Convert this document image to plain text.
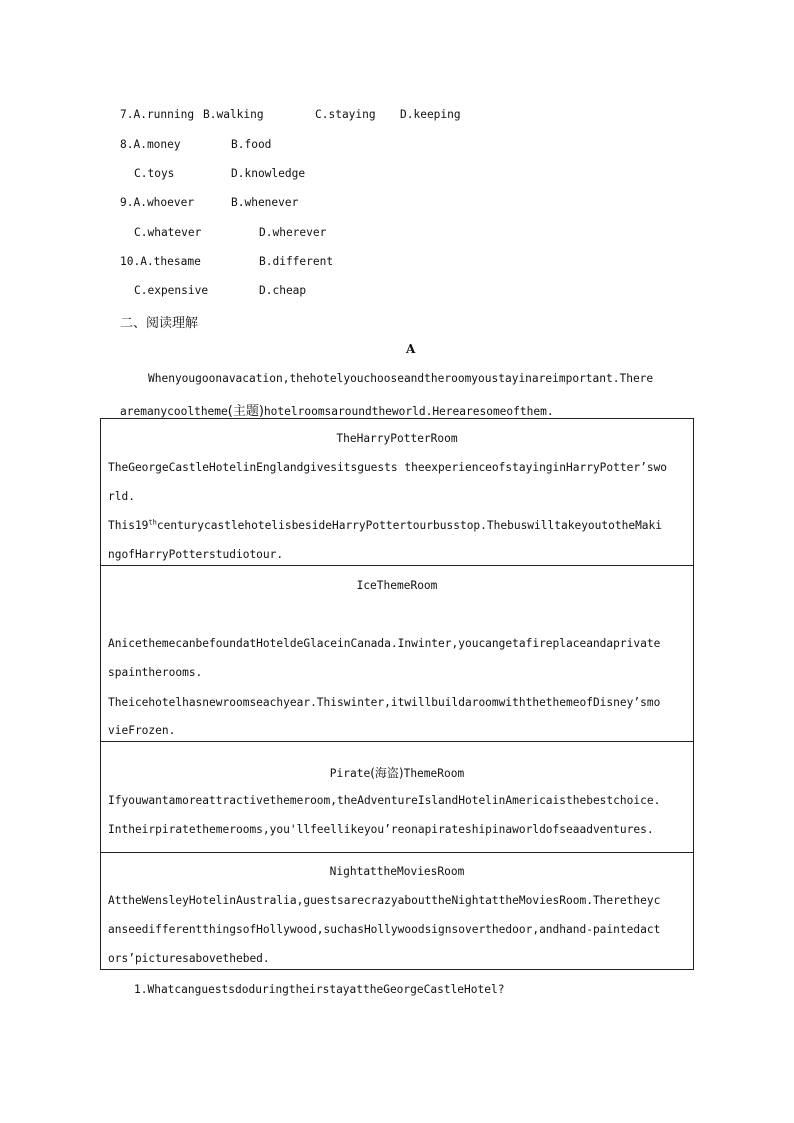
7.A.running B.walking	C.staying D.keeping
8.A.money	B.food
C.toys	D.knowledge
9.A.whoever	B.whenever
C.whatever	D.wherever
10.A.thesame	B.different
C.expensive	D.cheap
二、阅读理解
A
Whenyougoonavacation,thehotelyouchooseandtheroomyoustayinareimportant.There
aremanycooltheme(主题)hotelroomsaroundtheworld.Herearesomeofthem.
TheHarryPotterRoom
TheGeorgeCastleHotelinEnglandgivesitsguests theexperienceofstayinginHarryPotter’swo
rld.
This19thcenturycastlehotelisbesideHarryPottertourbusstop.ThebuswilltakeyoutotheMaki
ngofHarryPotterstudiotour.
IceThemeRoom
AnicethemecanbefoundatHoteldeGlaceinCanada.Inwinter,youcangetafireplaceandaprivate
spaintherooms.
Theicehotelhasnewroomseachyear.Thiswinter,itwillbuildaroomwiththethemeofDisney’smo
vieFrozen.
Pirate(海盗)ThemeRoom
Ifyouwantamoreattractivethemeroom,theAdventureIslandHotelinAmericaisthebestchoice.
Intheirpiratethemerooms,you'llfeellikeyou’reonapirateshipinaworldofseaadventures.
NightattheMoviesRoom
AttheWensleyHotelinAustralia,guestsarecrazyabouttheNightattheMoviesRoom.Theretheyc
anseedifferentthingsofHollywood,suchasHollywoodsignsoverthedoor,andhand-paintedact
ors’picturesabovethebed.
1.WhatcanguestsdoduringtheirstayattheGeorgeCastleHotel?
